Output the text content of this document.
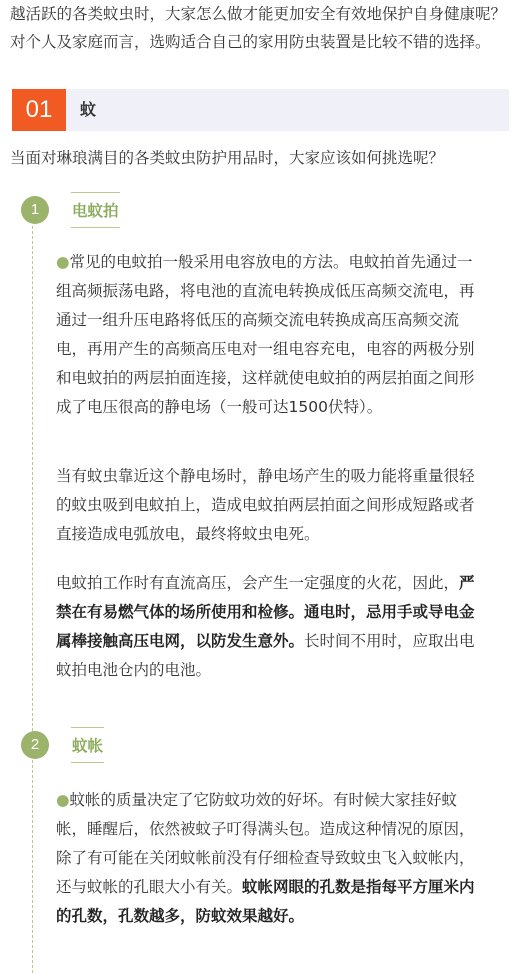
越活跃的各类蚊虫时，大家怎么做才能更加安全有效地保护自身健康呢？对个人及家庭而言，选购适合自己的家用防虫装置是比较不错的选择。

01	蚊

当面对琳琅满目的各类蚊虫防护用品时，大家应该如何挑选呢？

1	电蚊拍

●常见的电蚊拍一般采用电容放电的方法。电蚊拍首先通过一组高频振荡电路，将电池的直流电转换成低压高频交流电，再通过一组升压电路将低压的高频交流电转换成高压高频交流电，再用产生的高频高压电对一组电容充电，电容的两极分别和电蚊拍的两层拍面连接，这样就使电蚊拍的两层拍面之间形成了电压很高的静电场（一般可达1500伏特）。

当有蚊虫靠近这个静电场时，静电场产生的吸力能将重量很轻的蚊虫吸到电蚊拍上，造成电蚊拍两层拍面之间形成短路或者直接造成电弧放电，最终将蚊虫电死。

电蚊拍工作时有直流高压，会产生一定强度的火花，因此，严禁在有易燃气体的场所使用和检修。通电时，忌用手或导电金属棒接触高压电网，以防发生意外。长时间不用时，应取出电蚊拍电池仓内的电池。

2	蚊帐

●蚊帐的质量决定了它防蚊功效的好坏。有时候大家挂好蚊帐，睡醒后，依然被蚊子叮得满头包。造成这种情况的原因，除了有可能在关闭蚊帐前没有仔细检查导致蚊虫飞入蚊帐内，还与蚊帐的孔眼大小有关。蚊帐网眼的孔数是指每平方厘米内的孔数，孔数越多，防蚊效果越好。
